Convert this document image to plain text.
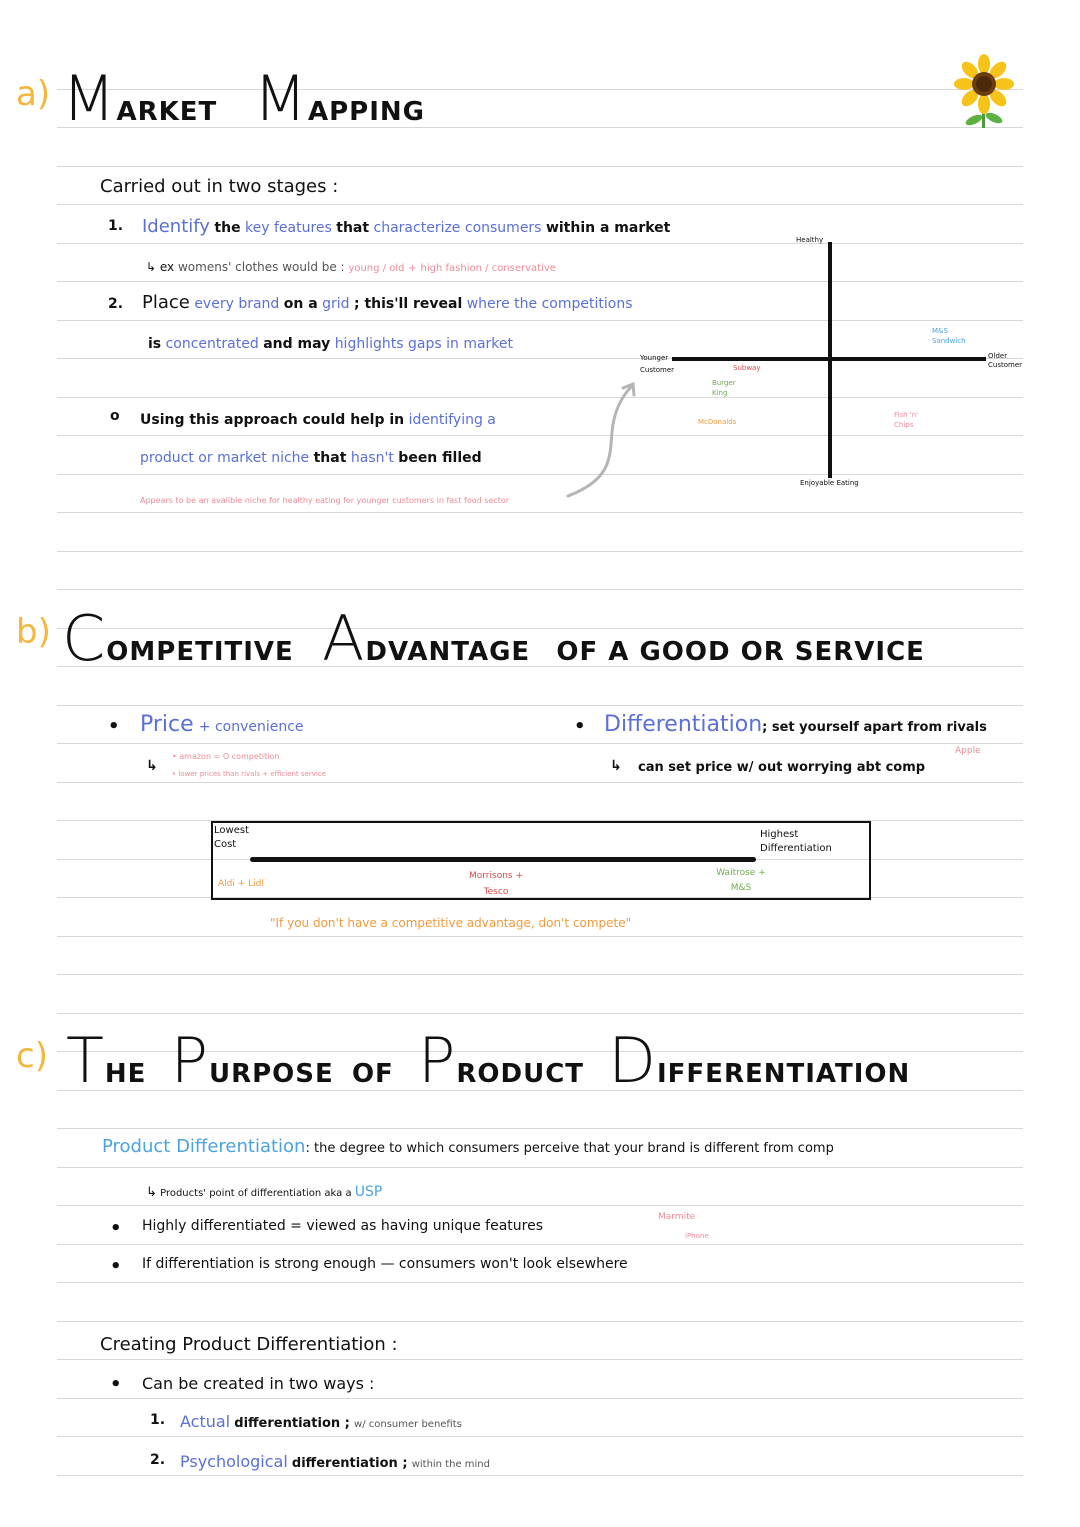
a) MARKET MAPPING
Carried out in two stages :
1. Identify the key features that characterize consumers within a market
↳ ex womens' clothes would be : young / old + high fashion / conservative
2. Place every brand on a grid ; this'll reveal where the competitions
is concentrated and may highlights gaps in market
o Using this approach could help in identifying a
product or market niche that hasn't been filled
Appears to be an availble niche for healthy eating for younger customers in fast food sector
Healthy
Enjoyable Eating
Younger Customer
Older Customer
M&S Sandwich
Subway
Burger King
McDonalds
Fish 'n' Chips
b) COMPETITIVE ADVANTAGE OF A GOOD OR SERVICE
• Price + convenience
↳
• amazon = O competition
• lower prices than rivals + efficient service
• Differentiation; set yourself apart from rivals
Apple
↳ can set price w/ out worrying abt comp
Lowest Cost
Highest Differentiation
Aldi + Lidl
Morrisons + Tesco
Waitrose + M&S
"If you don't have a competitive advantage, don't compete"
c) THE PURPOSE OF PRODUCT DIFFERENTIATION
Product Differentiation: the degree to which consumers perceive that your brand is different from comp
↳ Products' point of differentiation aka a USP
• Highly differentiated = viewed as having unique features
Marmite
iPhone
• If differentiation is strong enough — consumers won't look elsewhere
Creating Product Differentiation :
• Can be created in two ways :
1. Actual differentiation ; w/ consumer benefits
2. Psychological differentiation ; within the mind
